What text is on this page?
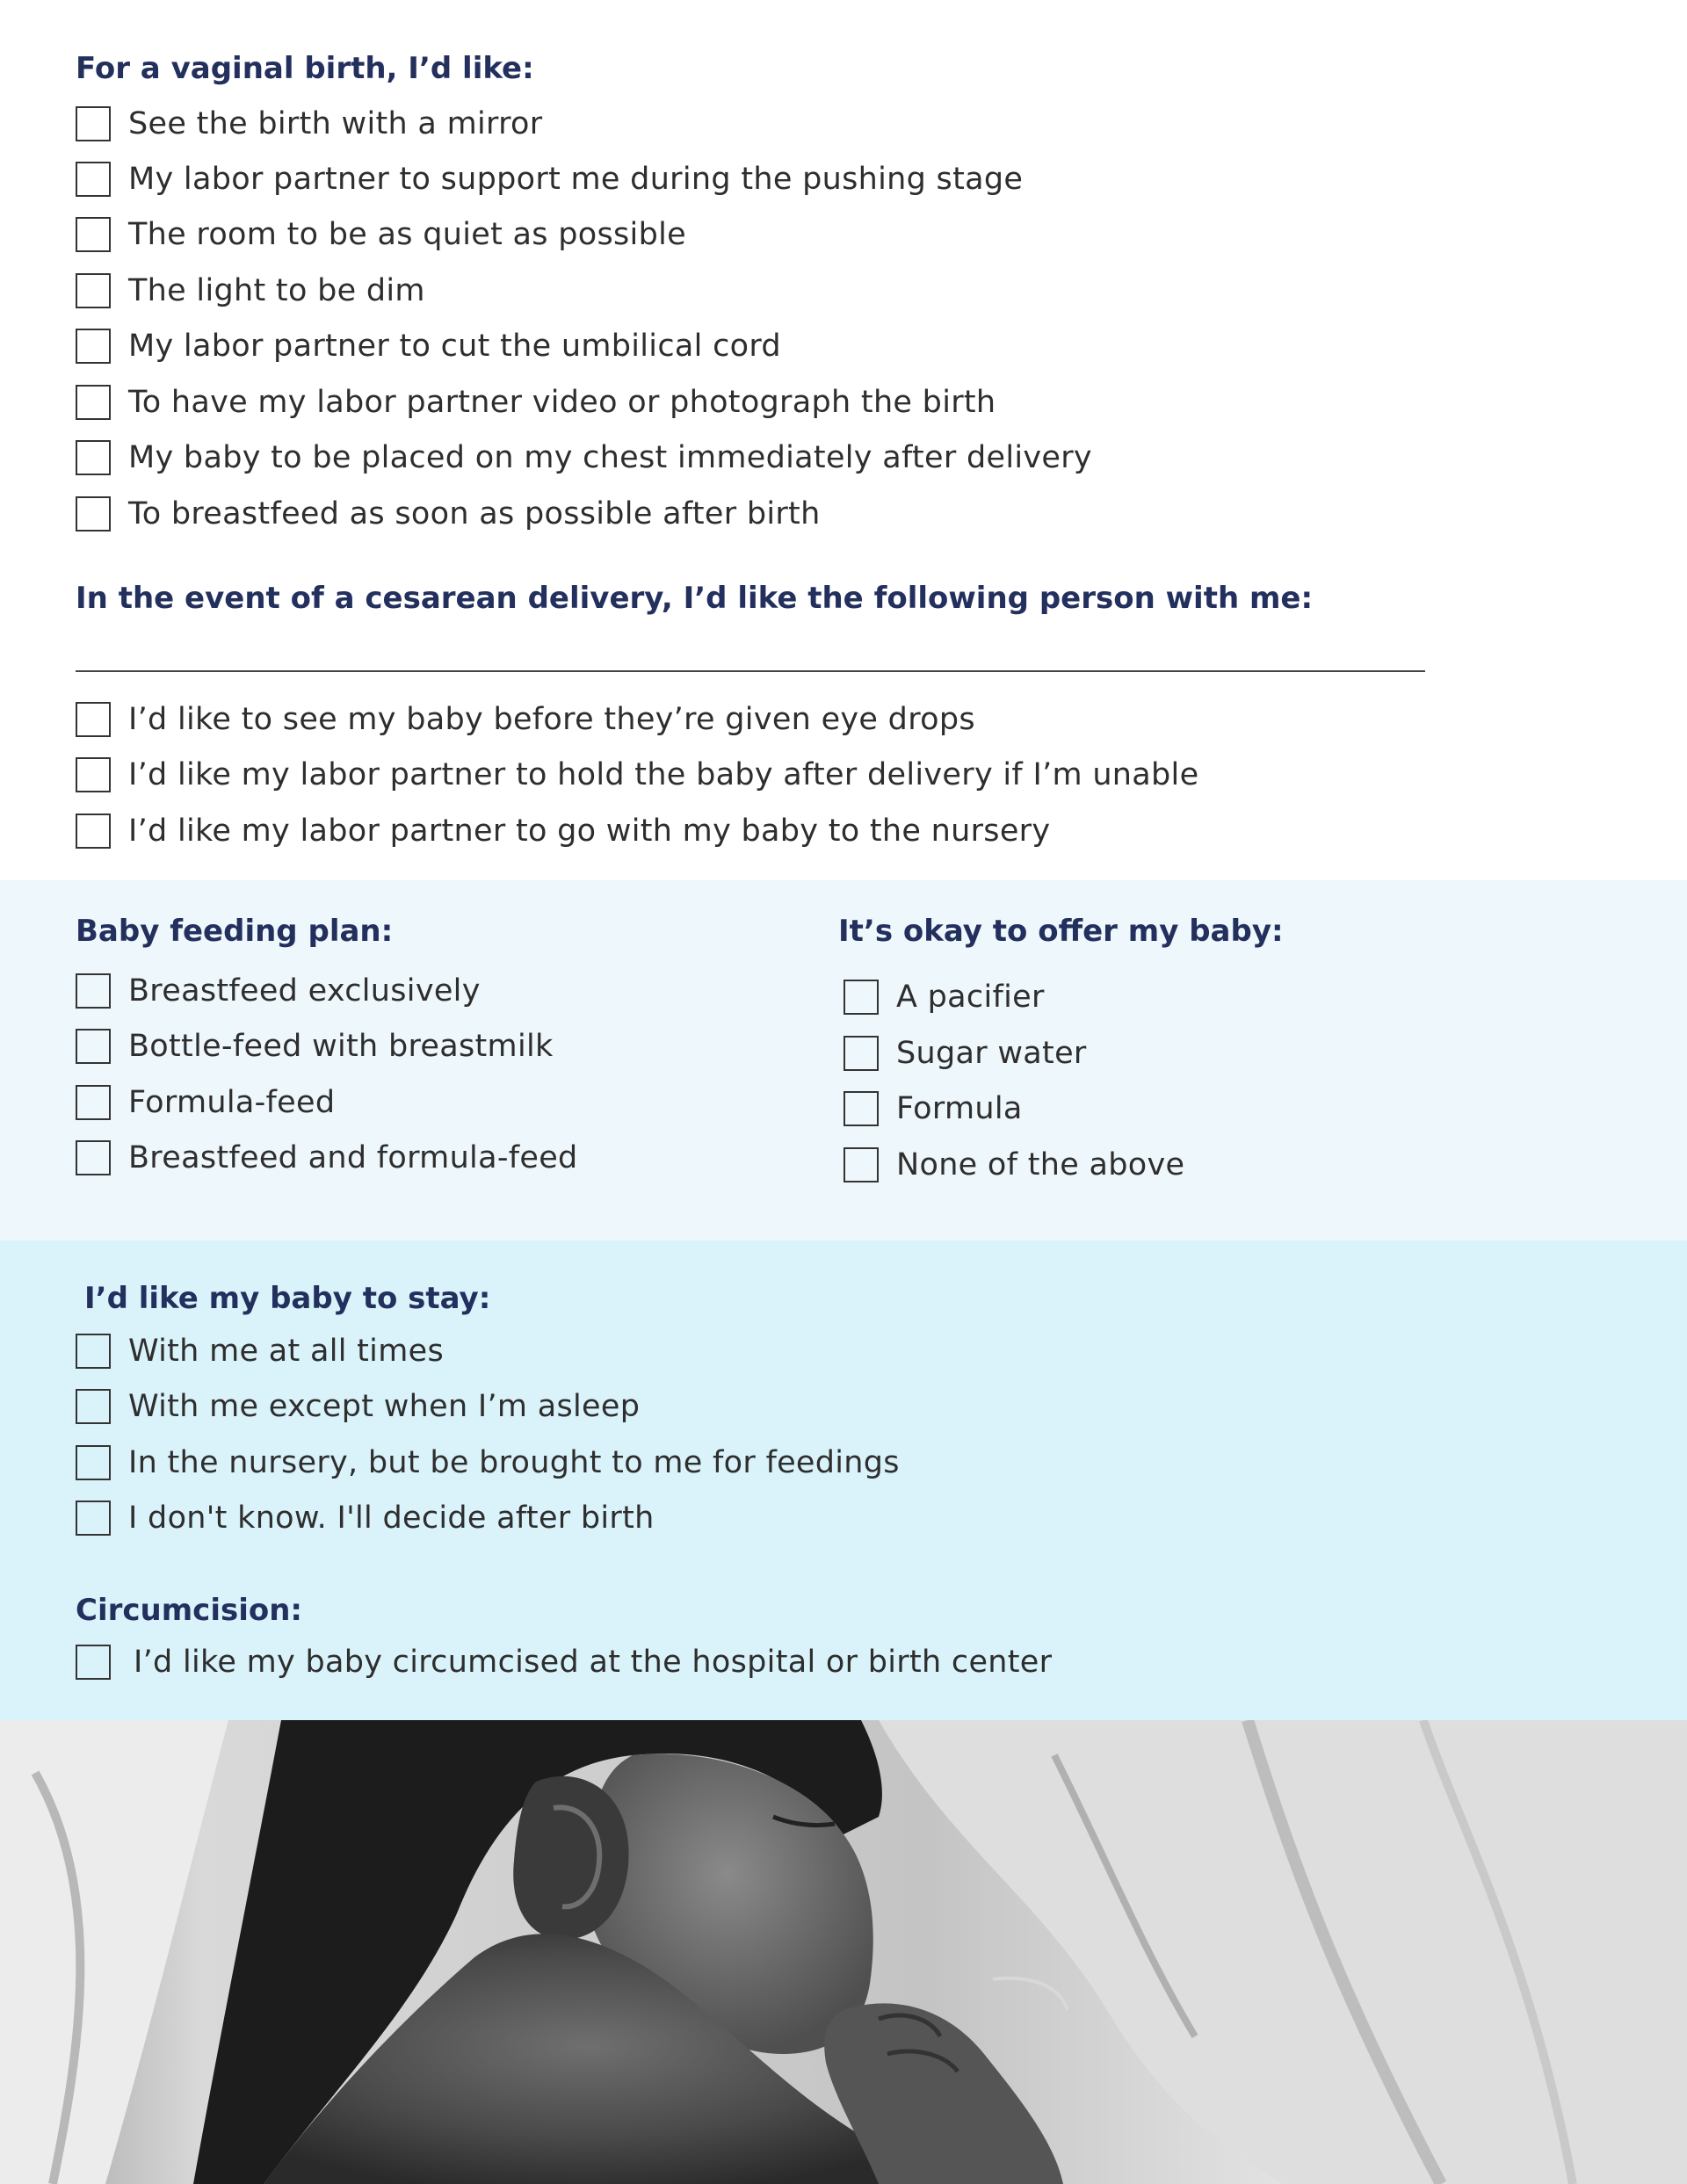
For a vaginal birth, I’d like:
See the birth with a mirror
My labor partner to support me during the pushing stage
The room to be as quiet as possible
The light to be dim
My labor partner to cut the umbilical cord
To have my labor partner video or photograph the birth
My baby to be placed on my chest immediately after delivery
To breastfeed as soon as possible after birth
In the event of a cesarean delivery, I’d like the following person with me:
I’d like to see my baby before they’re given eye drops
I’d like my labor partner to hold the baby after delivery if I’m unable
I’d like my labor partner to go with my baby to the nursery
Baby feeding plan:
Breastfeed exclusively
Bottle-feed with breastmilk
Formula-feed
Breastfeed and formula-feed
It’s okay to offer my baby:
A pacifier
Sugar water
Formula
None of the above
I’d like my baby to stay:
With me at all times
With me except when I’m asleep
In the nursery, but be brought to me for feedings
I don't know. I'll decide after birth
Circumcision:
I’d like my baby circumcised at the hospital or birth center
